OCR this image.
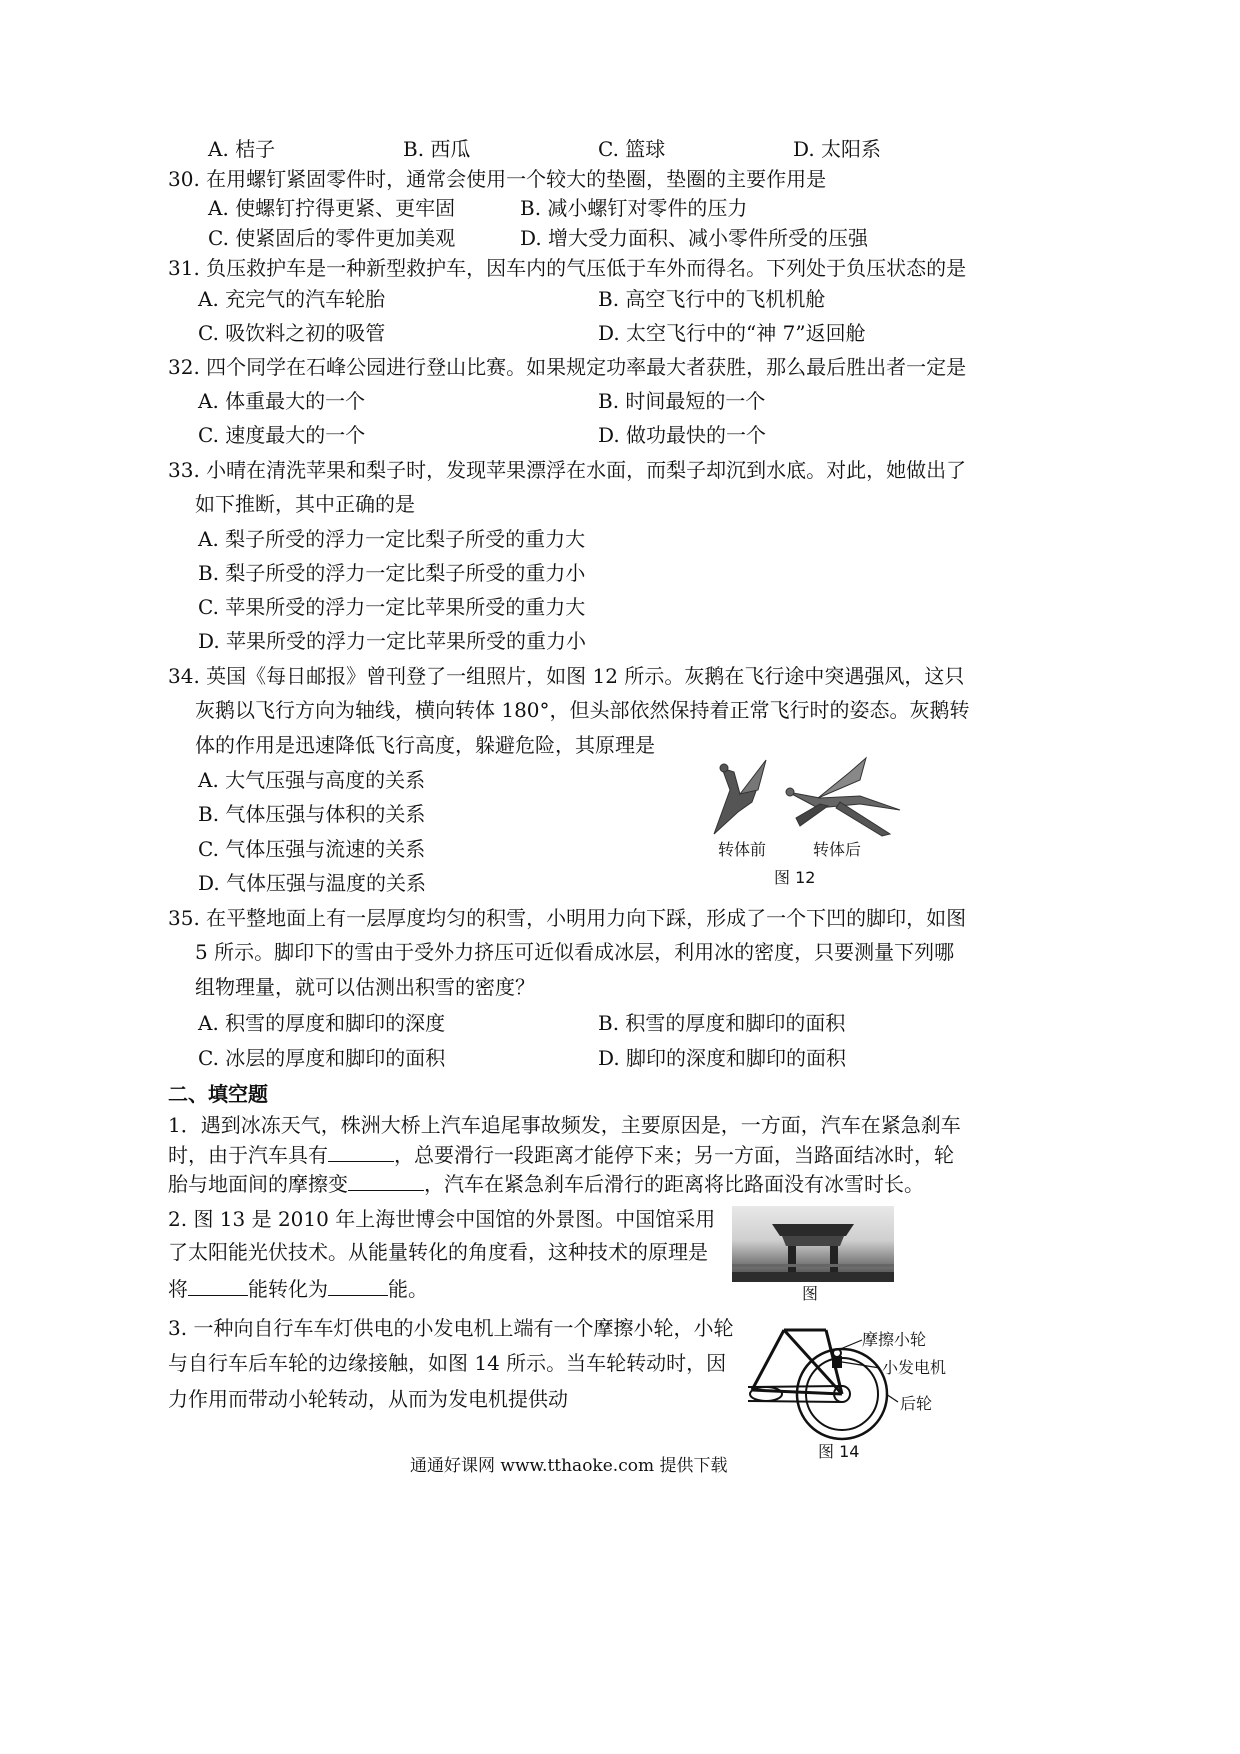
A. 桔子	B. 西瓜	C. 篮球	D. 太阳系
30. 在用螺钉紧固零件时，通常会使用一个较大的垫圈，垫圈的主要作用是
A. 使螺钉拧得更紧、更牢固	B. 减小螺钉对零件的压力
C. 使紧固后的零件更加美观	D. 增大受力面积、减小零件所受的压强
31. 负压救护车是一种新型救护车，因车内的气压低于车外而得名。下列处于负压状态的是
A. 充完气的汽车轮胎	B. 高空飞行中的飞机机舱
C. 吸饮料之初的吸管	D. 太空飞行中的“神 7”返回舱
32. 四个同学在石峰公园进行登山比赛。如果规定功率最大者获胜，那么最后胜出者一定是
A. 体重最大的一个	B. 时间最短的一个
C. 速度最大的一个	D. 做功最快的一个
33. 小晴在清洗苹果和梨子时，发现苹果漂浮在水面，而梨子却沉到水底。对此，她做出了
如下推断，其中正确的是
A. 梨子所受的浮力一定比梨子所受的重力大
B. 梨子所受的浮力一定比梨子所受的重力小
C. 苹果所受的浮力一定比苹果所受的重力大
D. 苹果所受的浮力一定比苹果所受的重力小
34. 英国《每日邮报》曾刊登了一组照片，如图 12 所示。灰鹅在飞行途中突遇强风，这只
灰鹅以飞行方向为轴线，横向转体 180°，但头部依然保持着正常飞行时的姿态。灰鹅转
体的作用是迅速降低飞行高度，躲避危险，其原理是
A. 大气压强与高度的关系
B. 气体压强与体积的关系
C. 气体压强与流速的关系
D. 气体压强与温度的关系
转体前	转体后
图 12
35. 在平整地面上有一层厚度均匀的积雪，小明用力向下踩，形成了一个下凹的脚印，如图
5 所示。脚印下的雪由于受外力挤压可近似看成冰层，利用冰的密度，只要测量下列哪
组物理量，就可以估测出积雪的密度？
A. 积雪的厚度和脚印的深度	B. 积雪的厚度和脚印的面积
C. 冰层的厚度和脚印的面积	D. 脚印的深度和脚印的面积
二、填空题
1．遇到冰冻天气，株洲大桥上汽车追尾事故频发，主要原因是，一方面，汽车在紧急刹车
时，由于汽车具有	，总要滑行一段距离才能停下来；另一方面，当路面结冰时，轮
胎与地面间的摩擦变	，汽车在紧急刹车后滑行的距离将比路面没有冰雪时长。
2. 图 13 是 2010 年上海世博会中国馆的外景图。中国馆采用
了太阳能光伏技术。从能量转化的角度看，这种技术的原理是
将	能转化为	能。	图
3. 一种向自行车车灯供电的小发电机上端有一个摩擦小轮，小轮
与自行车后车轮的边缘接触，如图 14 所示。当车轮转动时，因
力作用而带动小轮转动，从而为发电机提供动
摩擦小轮
小发电机
后轮
图 14
通通好课网 www.tthaoke.com 提供下载
